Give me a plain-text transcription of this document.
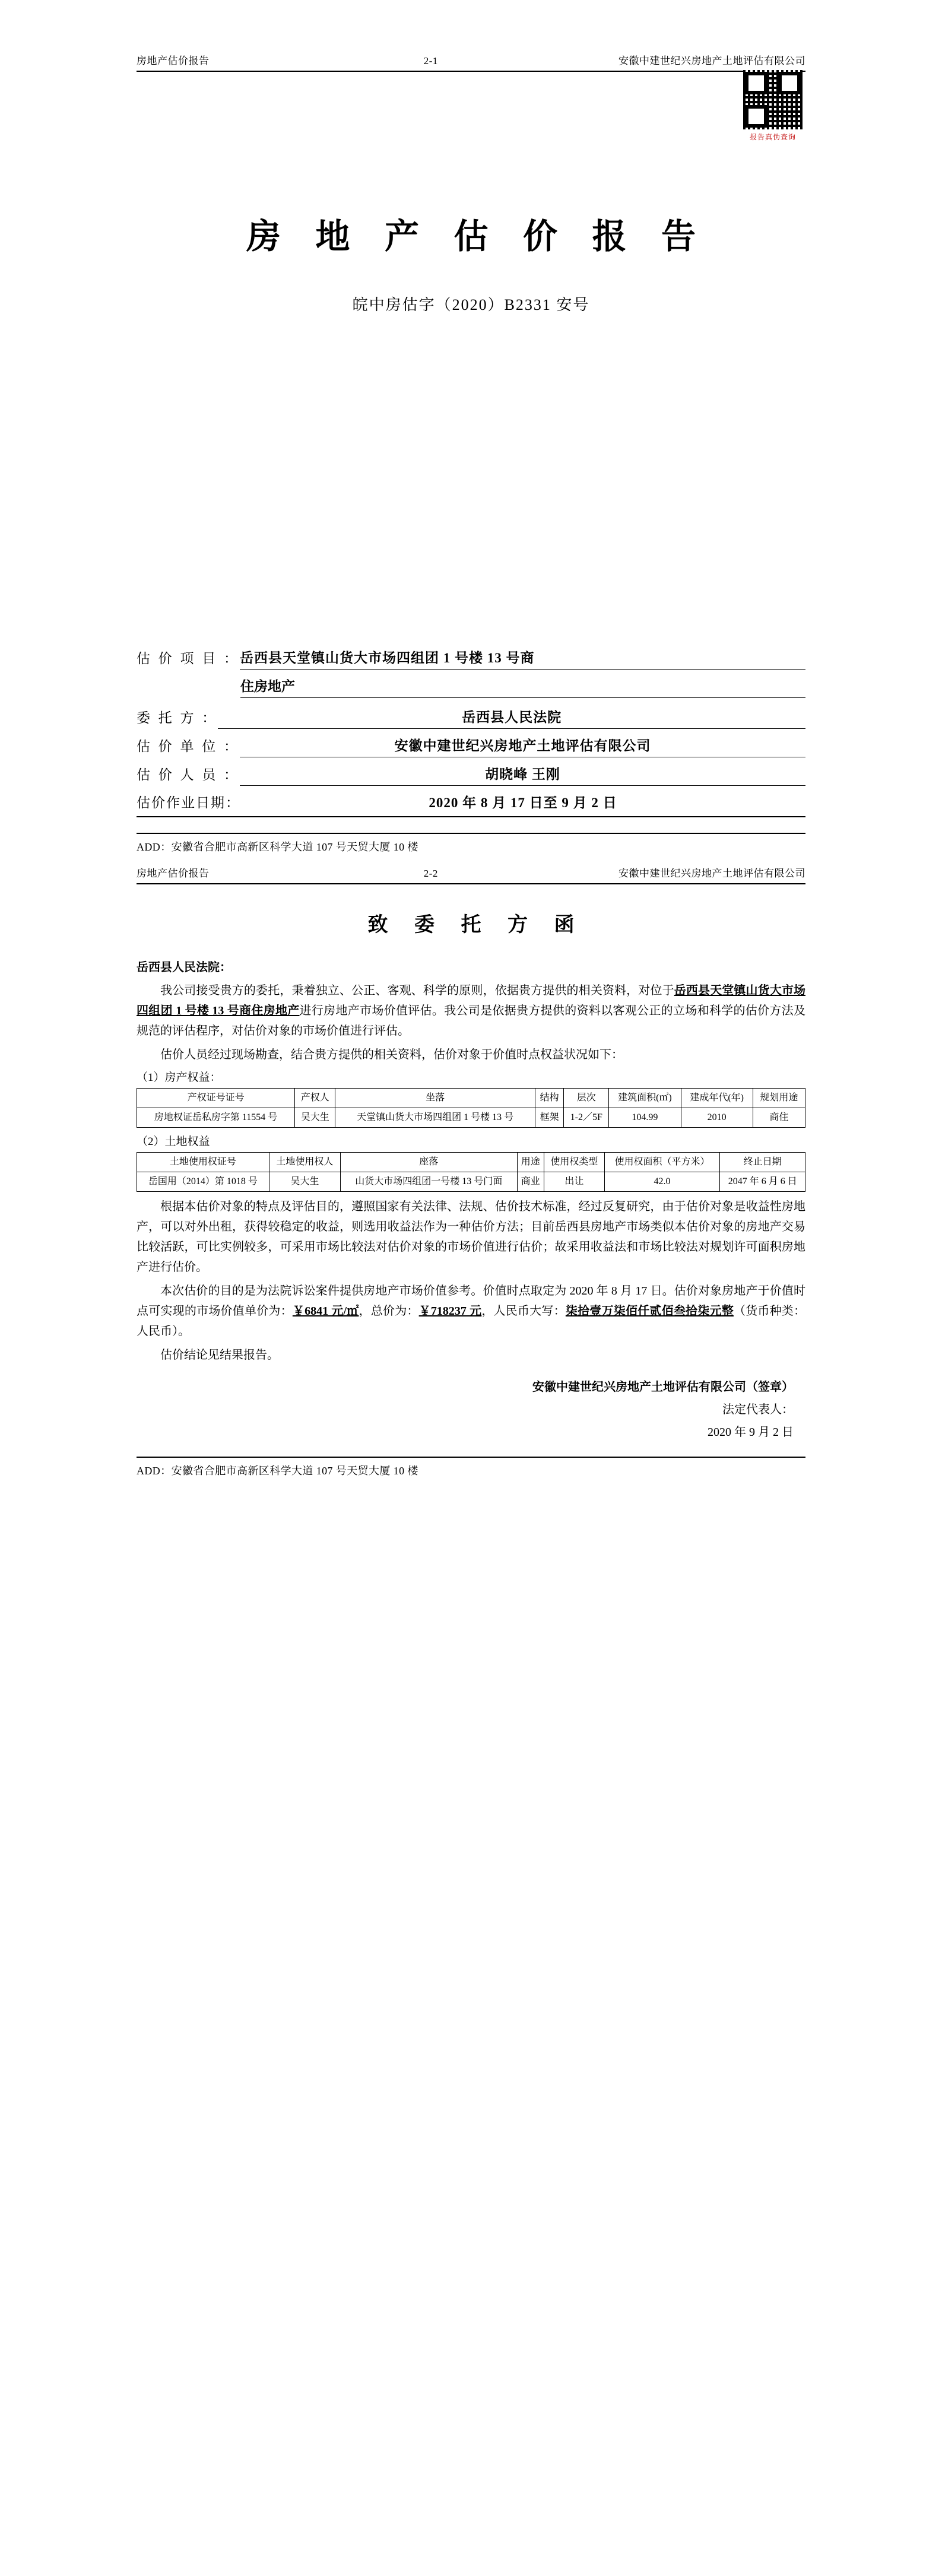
房地产估价报告	2-1	安徽中建世纪兴房地产土地评估有限公司
报告真伪查询
房 地 产 估 价 报 告
皖中房估字（2020）B2331 安号
估 价 项 目 ： 岳西县天堂镇山货大市场四组团 1 号楼 13 号商
住房地产
委 托 方 ：	岳西县人民法院
估 价 单 位 ：	安徽中建世纪兴房地产土地评估有限公司
估 价 人 员 ：	胡晓峰 王刚
估价作业日期：	2020 年 8 月 17 日至 9 月 2 日
ADD：安徽省合肥市高新区科学大道 107 号天贸大厦 10 楼
房地产估价报告	2-2	安徽中建世纪兴房地产土地评估有限公司
致 委 托 方 函
岳西县人民法院：

我公司接受贵方的委托，秉着独立、公正、客观、科学的原则，依据贵方提供的相关资料，对位于岳西县天堂镇山货大市场四组团 1 号楼 13 号商住房地产进行房地产市场价值评估。我公司是依据贵方提供的资料以客观公正的立场和科学的估价方法及规范的评估程序，对估价对象的市场价值进行评估。

估价人员经过现场勘查，结合贵方提供的相关资料，估价对象于价值时点权益状况如下：

（1）房产权益：
产权证号证号	产权人	坐落	结构	层次	建筑面积(㎡)	建成年代(年)	规划用途
房地权证岳私房字第 11554 号	吴大生	天堂镇山货大市场四组团 1 号楼 13 号	框架	1-2／5F	104.99	2010	商住
（2）土地权益
土地使用权证号	土地使用权人	座落	用途	使用权类型	使用权面积（平方米）	终止日期
岳国用（2014）第 1018 号	吴大生	山货大市场四组团一号楼 13 号门面	商业	出让	42.0	2047 年 6 月 6 日

根据本估价对象的特点及评估目的，遵照国家有关法律、法规、估价技术标准，经过反复研究，由于估价对象是收益性房地产，可以对外出租，获得较稳定的收益，则选用收益法作为一种估价方法；目前岳西县房地产市场类似本估价对象的房地产交易比较活跃，可比实例较多，可采用市场比较法对估价对象的市场价值进行估价；故采用收益法和市场比较法对规划许可面积房地产进行估价。

本次估价的目的是为法院诉讼案件提供房地产市场价值参考。价值时点取定为 2020 年 8 月 17 日。估价对象房地产于价值时点可实现的市场价值单价为：￥6841 元/㎡，总价为：￥718237 元，人民币大写：柒拾壹万柒佰仟贰佰叁拾柒元整（货币种类：人民币）。

估价结论见结果报告。

安徽中建世纪兴房地产土地评估有限公司（签章）
法定代表人：
2020 年 9 月 2 日
ADD：安徽省合肥市高新区科学大道 107 号天贸大厦 10 楼
